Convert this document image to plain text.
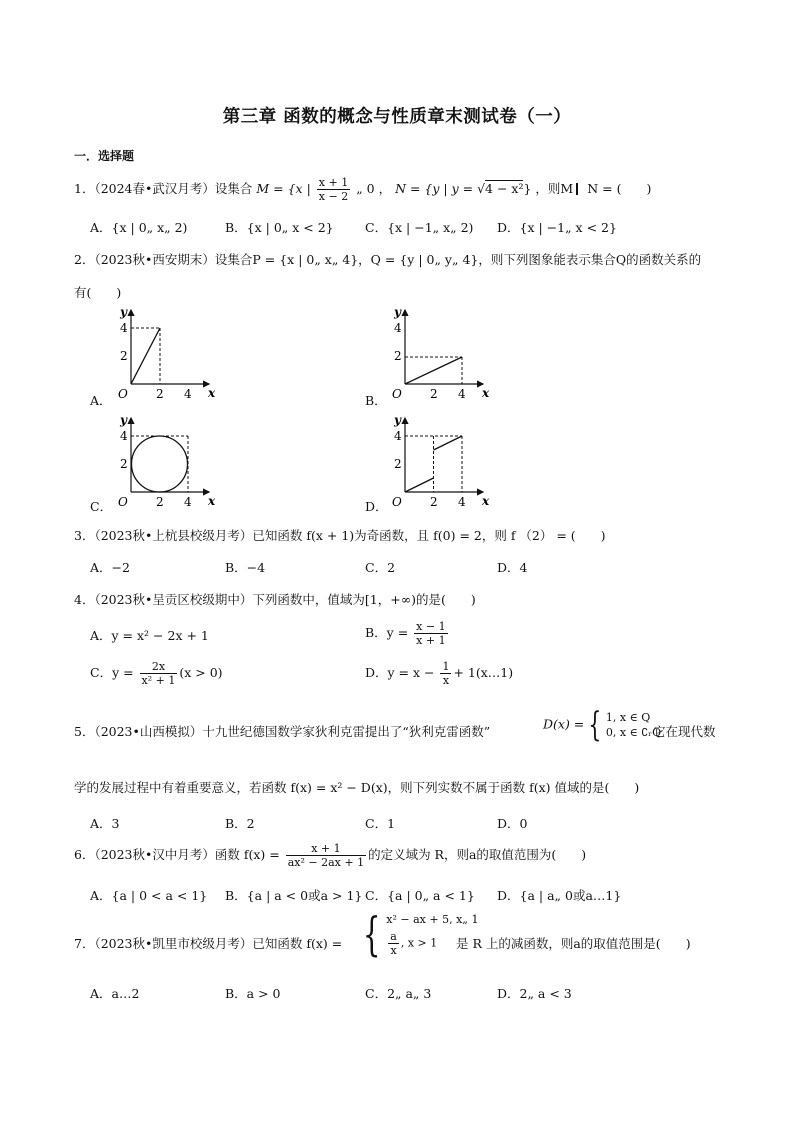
第三章 函数的概念与性质章末测试卷（一）
一．选择题
1．（2024春•武汉月考）设集合 M = {x | $\frac{x + 1}{x - 2}$ „ 0 ， N = {y | y = √4 − x²} ，则M N = (　　)
A．{x | 0„ x„ 2)	B．{x | 0„ x < 2}	C．{x | −1„ x„ 2) D．{x | −1„ x < 2}
2．（2023秋•西安期末）设集合P = {x | 0„ x„ 4}，Q = {y | 0„ y„ 4}，则下列图象能表示集合Q的函数关系的
有(　　)
A．	B．
C．	D．
y
x
O
4
2
2 4
y
x
O
4
2
2 4
y
x
O
4
2
2 4
y
x
O
4
2
2 4
3．（2023秋•上杭县校级月考）已知函数 f(x + 1)为奇函数，且 f(0) = 2，则 f （2） = (　　)
A．−2	B．−4	C．2	D．4
4．（2023秋•呈贡区校级期中）下列函数中，值域为[1，+∞)的是(　　)
A．y = x² − 2x + 1	B．$y = \frac{x - 1}{x + 1}$
C．$y = \frac{2x}{\text{x² + 1}} (x > 0)$	D．$y = x - \frac{1}{x}$ + 1(x…1)
5．（2023•山西模拟）十九世纪德国数学家狄利克雷提出了“狄利克雷函数”	D(x) = { 1, x ∈ Q
0, x ∈ ∁ᵣQ
它在现代数
学的发展过程中有着重要意义，若函数 f(x) = x² − D(x)，则下列实数不属于函数 f(x) 值域的是(　　)
A．3	B．2	C．1	D．0
6．（2023秋•汉中月考）函数 $f(x) = \frac{x + 1}{\text{ax² − 2ax + 1}}$ 的定义域为 R，则a的取值范围为(　　)
A．{a | 0 < a < 1} B．{a | a < 0或a > 1} C．{a | 0„ a < 1} D．{a | a„ 0或a…1}
7．（2023秋•凯里市校级月考）已知函数 f(x) = { x² − ax + 5, x„ 1
$\frac{a}{x}$ , x > 1	是 R 上的减函数，则a的取值范围是(　　)
A．a…2	B．a > 0	C．2„ a„ 3	D．2„ a < 3
